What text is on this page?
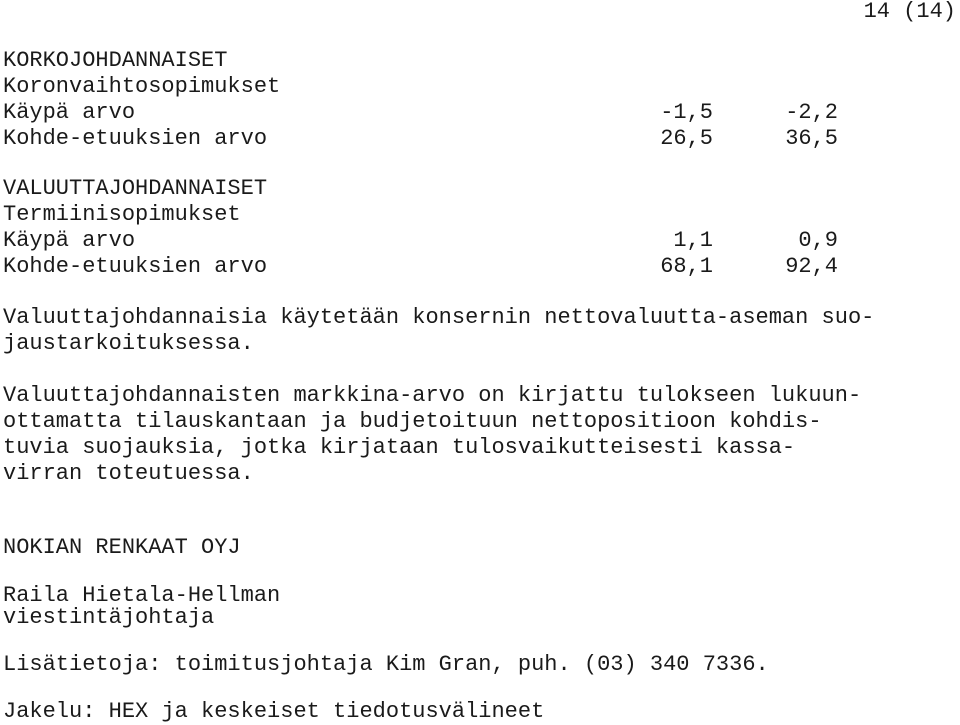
14 (14)
KORKOJOHDANNAISET
Koronvaihtosopimukset
Käypä arvo	-1,5	-2,2
Kohde-etuuksien arvo	26,5	36,5
VALUUTTAJOHDANNAISET
Termiinisopimukset
Käypä arvo	1,1	0,9
Kohde-etuuksien arvo	68,1	92,4
Valuuttajohdannaisia käytetään konsernin nettovaluutta-aseman suo-
jaustarkoituksessa.
Valuuttajohdannaisten markkina-arvo on kirjattu tulokseen lukuun-
ottamatta tilauskantaan ja budjetoituun nettopositioon kohdis-
tuvia suojauksia, jotka kirjataan tulosvaikutteisesti kassa-
virran toteutuessa.
NOKIAN RENKAAT OYJ
Raila Hietala-Hellman
viestintäjohtaja
Lisätietoja: toimitusjohtaja Kim Gran, puh. (03) 340 7336.
Jakelu: HEX ja keskeiset tiedotusvälineet
